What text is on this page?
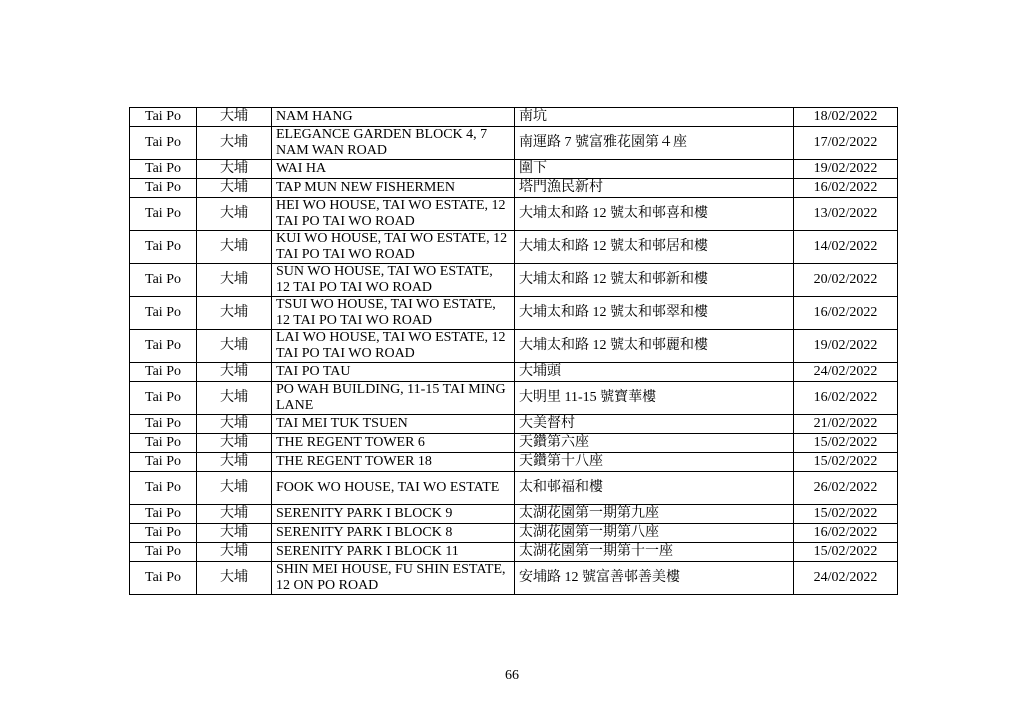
Tai Po	大埔	NAM HANG	南坑	18/02/2022
Tai Po	大埔	ELEGANCE GARDEN BLOCK 4, 7 NAM WAN ROAD	南運路 7 號富雅花園第４座	17/02/2022
Tai Po	大埔	WAI HA	圍下	19/02/2022
Tai Po	大埔	TAP MUN NEW FISHERMEN	塔門漁民新村	16/02/2022
Tai Po	大埔	HEI WO HOUSE, TAI WO ESTATE, 12 TAI PO TAI WO ROAD	大埔太和路 12 號太和邨喜和樓	13/02/2022
Tai Po	大埔	KUI WO HOUSE, TAI WO ESTATE, 12 TAI PO TAI WO ROAD	大埔太和路 12 號太和邨居和樓	14/02/2022
Tai Po	大埔	SUN WO HOUSE, TAI WO ESTATE, 12 TAI PO TAI WO ROAD	大埔太和路 12 號太和邨新和樓	20/02/2022
Tai Po	大埔	TSUI WO HOUSE, TAI WO ESTATE, 12 TAI PO TAI WO ROAD	大埔太和路 12 號太和邨翠和樓	16/02/2022
Tai Po	大埔	LAI WO HOUSE, TAI WO ESTATE, 12 TAI PO TAI WO ROAD	大埔太和路 12 號太和邨麗和樓	19/02/2022
Tai Po	大埔	TAI PO TAU	大埔頭	24/02/2022
Tai Po	大埔	PO WAH BUILDING, 11-15 TAI MING LANE	大明里 11-15 號寶華樓	16/02/2022
Tai Po	大埔	TAI MEI TUK TSUEN	大美督村	21/02/2022
Tai Po	大埔	THE REGENT TOWER 6	天鑽第六座	15/02/2022
Tai Po	大埔	THE REGENT TOWER 18	天鑽第十八座	15/02/2022
Tai Po	大埔	FOOK WO HOUSE, TAI WO ESTATE	太和邨福和樓	26/02/2022
Tai Po	大埔	SERENITY PARK I BLOCK 9	太湖花園第一期第九座	15/02/2022
Tai Po	大埔	SERENITY PARK I BLOCK 8	太湖花園第一期第八座	16/02/2022
Tai Po	大埔	SERENITY PARK I BLOCK 11	太湖花園第一期第十一座	15/02/2022
Tai Po	大埔	SHIN MEI HOUSE, FU SHIN ESTATE, 12 ON PO ROAD	安埔路 12 號富善邨善美樓	24/02/2022
66
